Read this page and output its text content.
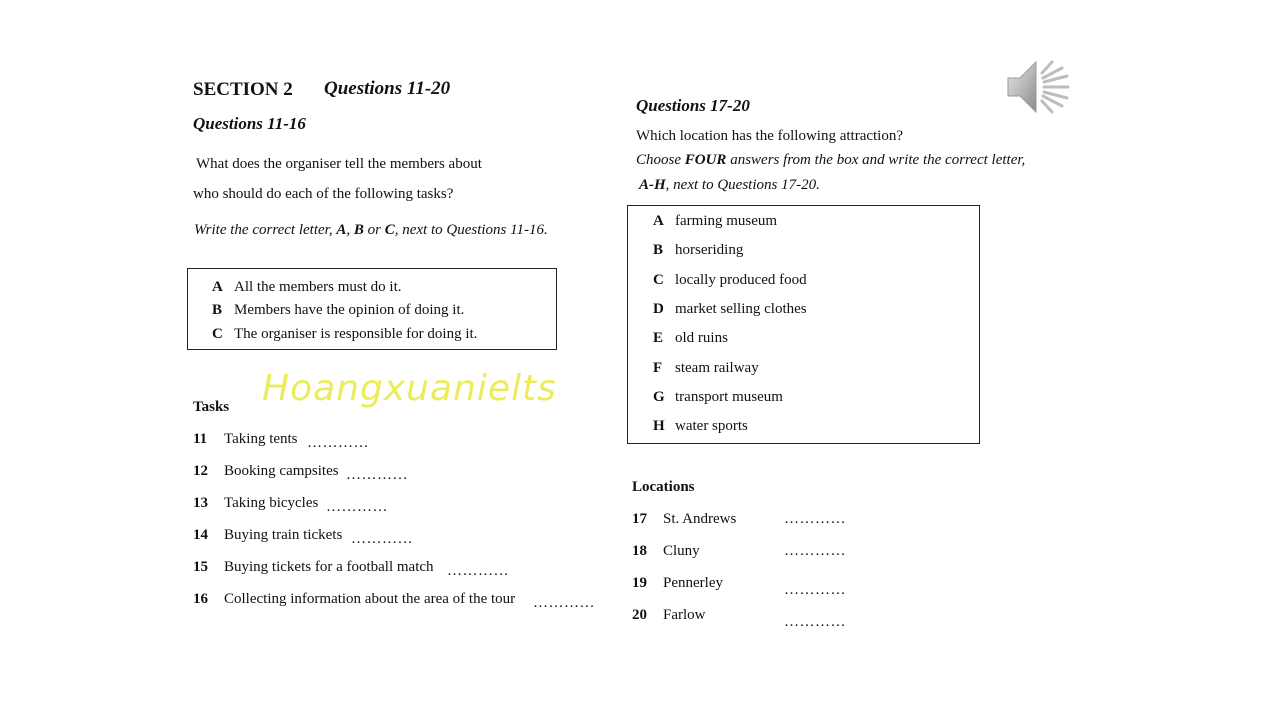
SECTION 2 Questions 11-20
Questions 11-16
What does the organiser tell the members about
who should do each of the following tasks?
Write the correct letter, A, B or C, next to Questions 11-16.
A All the members must do it.
B Members have the opinion of doing it.
C The organiser is responsible for doing it.
Hoangxuanielts
Tasks
11 Taking tents …………
12 Booking campsites …………
13 Taking bicycles …………
14 Buying train tickets …………
15 Buying tickets for a football match …………
16 Collecting information about the area of the tour …………
Questions 17-20
Which location has the following attraction?
Choose FOUR answers from the box and write the correct letter,
A-H, next to Questions 17-20.
A farming museum
B horseriding
C locally produced food
D market selling clothes
E old ruins
F steam railway
G transport museum
H water sports
Locations
17 St. Andrews	…………
18 Cluny	…………
19 Pennerley	…………
20 Farlow	…………
